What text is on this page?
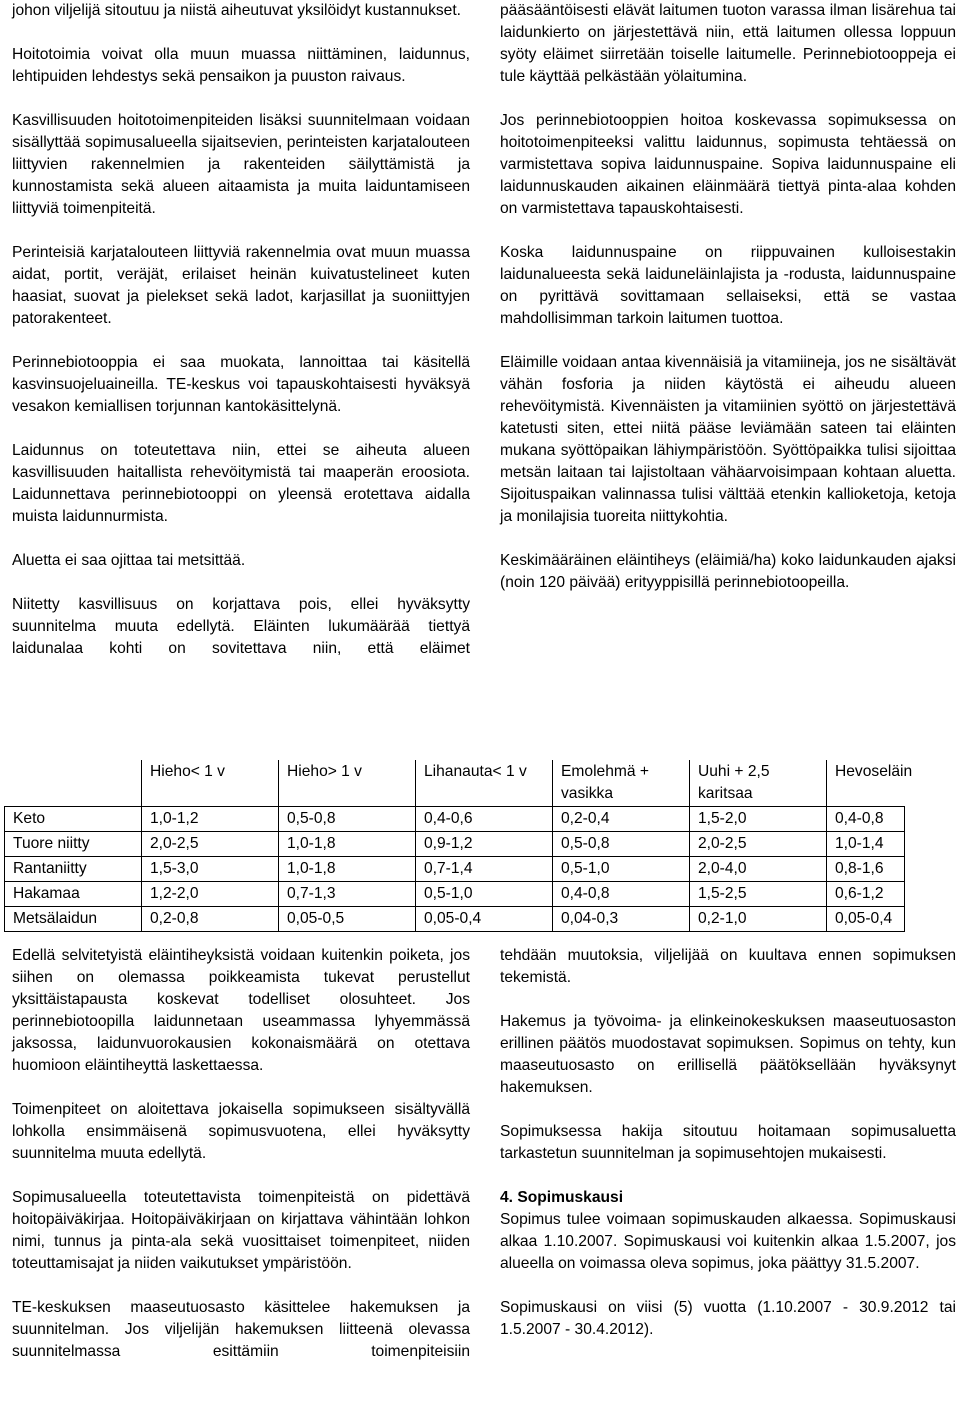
johon viljelijä sitoutuu ja niistä aiheutuvat yksilöidyt kustannukset.

Hoitotoimia voivat olla muun muassa niittäminen, laidunnus, lehtipuiden lehdestys sekä pensaikon ja puuston raivaus.

Kasvillisuuden hoitotoimenpiteiden lisäksi suunnitelmaan voidaan sisällyttää sopimusalueella sijaitsevien, perinteisten karjatalouteen liittyvien rakennelmien ja rakenteiden säilyttämistä ja kunnostamista sekä alueen aitaamista ja muita laiduntamiseen liittyviä toimenpiteitä.

Perinteisiä karjatalouteen liittyviä rakennelmia ovat muun muassa aidat, portit, veräjät, erilaiset heinän kuivatustelineet kuten haasiat, suovat ja pielekset sekä ladot, karjasillat ja suoniittyjen patorakenteet.

Perinnebiotooppia ei saa muokata, lannoittaa tai käsitellä kasvinsuojeluaineilla. TE-keskus voi tapauskohtaisesti hyväksyä vesakon kemiallisen torjunnan kantokäsittelynä.

Laidunnus on toteutettava niin, ettei se aiheuta alueen kasvillisuuden haitallista rehevöitymistä tai maaperän eroosiota. Laidunnettava perinnebiotooppi on yleensä erotettava aidalla muista laidunnurmista.

Aluetta ei saa ojittaa tai metsittää.

Niitetty kasvillisuus on korjattava pois, ellei hyväksytty suunnitelma muuta edellytä. Eläinten lukumäärää tiettyä laidunalaa kohti on sovitettava niin, että eläimet

pääsääntöisesti elävät laitumen tuoton varassa ilman lisärehua tai laidunkierto on järjestettävä niin, että laitumen ollessa loppuun syöty eläimet siirretään toiselle laitumelle. Perinnebiotooppeja ei tule käyttää pelkästään yölaitumina.

Jos perinnebiotooppien hoitoa koskevassa sopimuksessa on hoitotoimenpiteeksi valittu laidunnus, sopimusta tehtäessä on varmistettava sopiva laidunnuspaine. Sopiva laidunnuspaine eli laidunnuskauden aikainen eläinmäärä tiettyä pinta-alaa kohden on varmistettava tapauskohtaisesti.

Koska laidunnuspaine on riippuvainen kulloisestakin laidunalueesta sekä laiduneläinlajista ja -rodusta, laidunnuspaine on pyrittävä sovittamaan sellaiseksi, että se vastaa mahdollisimman tarkoin laitumen tuottoa.

Eläimille voidaan antaa kivennäisiä ja vitamiineja, jos ne sisältävät vähän fosforia ja niiden käytöstä ei aiheudu alueen rehevöitymistä. Kivennäisten ja vitamiinien syöttö on järjestettävä katetusti siten, ettei niitä pääse leviämään sateen tai eläinten mukana syöttöpaikan lähiympäristöön. Syöttöpaikka tulisi sijoittaa metsän laitaan tai lajistoltaan vähäarvoisimpaan kohtaan aluetta. Sijoituspaikan valinnassa tulisi välttää etenkin kallioketoja, ketoja ja monilajisia tuoreita niittykohtia.

Keskimääräinen eläintiheys (eläimiä/ha) koko laidunkauden ajaksi (noin 120 päivää) erityyppisillä perinnebiotoopeilla.

	Hieho< 1 v	Hieho> 1 v	Lihanauta< 1 v	Emolehmä + vasikka	Uuhi + 2,5 karitsaa	Hevoseläin
Keto	1,0-1,2	0,5-0,8	0,4-0,6	0,2-0,4	1,5-2,0	0,4-0,8
Tuore niitty	2,0-2,5	1,0-1,8	0,9-1,2	0,5-0,8	2,0-2,5	1,0-1,4
Rantaniitty	1,5-3,0	1,0-1,8	0,7-1,4	0,5-1,0	2,0-4,0	0,8-1,6
Hakamaa	1,2-2,0	0,7-1,3	0,5-1,0	0,4-0,8	1,5-2,5	0,6-1,2
Metsälaidun	0,2-0,8	0,05-0,5	0,05-0,4	0,04-0,3	0,2-1,0	0,05-0,4

Edellä selvitetyistä eläintiheyksistä voidaan kuitenkin poiketa, jos siihen on olemassa poikkeamista tukevat perustellut yksittäistapausta koskevat todelliset olosuhteet. Jos perinnebiotoopilla laidunnetaan useammassa lyhyemmässä jaksossa, laidunvuorokausien kokonaismäärä on otettava huomioon eläintiheyttä laskettaessa.

Toimenpiteet on aloitettava jokaisella sopimukseen sisältyvällä lohkolla ensimmäisenä sopimusvuotena, ellei hyväksytty suunnitelma muuta edellytä.

Sopimusalueella toteutettavista toimenpiteistä on pidettävä hoitopäiväkirjaa. Hoitopäiväkirjaan on kirjattava vähintään lohkon nimi, tunnus ja pinta-ala sekä vuosittaiset toimenpiteet, niiden toteuttamisajat ja niiden vaikutukset ympäristöön.

TE-keskuksen maaseutuosasto käsittelee hakemuksen ja suunnitelman. Jos viljelijän hakemuksen liitteenä olevassa suunnitelmassa esittämiin toimenpiteisiin

tehdään muutoksia, viljelijää on kuultava ennen sopimuksen tekemistä.

Hakemus ja työvoima- ja elinkeinokeskuksen maaseutuosaston erillinen päätös muodostavat sopimuksen. Sopimus on tehty, kun maaseutuosasto on erillisellä päätöksellään hyväksynyt hakemuksen.

Sopimuksessa hakija sitoutuu hoitamaan sopimusaluetta tarkastetun suunnitelman ja sopimusehtojen mukaisesti.

4. Sopimuskausi

Sopimus tulee voimaan sopimuskauden alkaessa. Sopimuskausi alkaa 1.10.2007. Sopimuskausi voi kuitenkin alkaa 1.5.2007, jos alueella on voimassa oleva sopimus, joka päättyy 31.5.2007.

Sopimuskausi on viisi (5) vuotta (1.10.2007 - 30.9.2012 tai 1.5.2007 - 30.4.2012).
